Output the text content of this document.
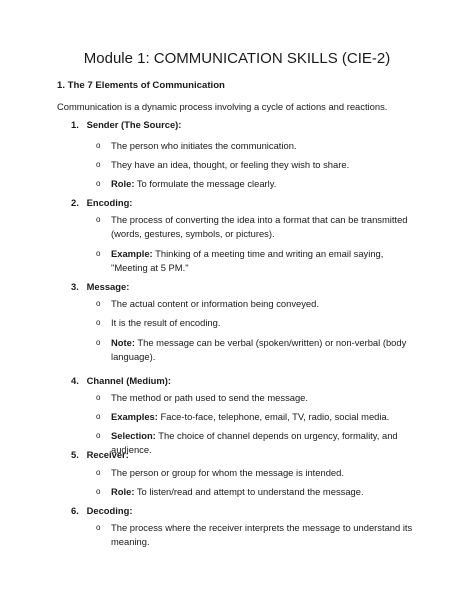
Module 1: COMMUNICATION SKILLS (CIE-2)
1. The 7 Elements of Communication

Communication is a dynamic process involving a cycle of actions and reactions.

1. Sender (The Source):
o The person who initiates the communication.

o They have an idea, thought, or feeling they wish to share.

o Role: To formulate the message clearly.

2. Encoding:
o The process of converting the idea into a format that can be transmitted (words, gestures, symbols, or pictures).

o Example: Thinking of a meeting time and writing an email saying, "Meeting at 5 PM."

3. Message:
o The actual content or information being conveyed.

o It is the result of encoding.

o Note: The message can be verbal (spoken/written) or non-verbal (body language).

4. Channel (Medium):
o The method or path used to send the message.

o Examples: Face-to-face, telephone, email, TV, radio, social media.

o Selection: The choice of channel depends on urgency, formality, and audience.

5. Receiver:
o The person or group for whom the message is intended.

o Role: To listen/read and attempt to understand the message.

6. Decoding:
o The process where the receiver interprets the message to understand its meaning.
